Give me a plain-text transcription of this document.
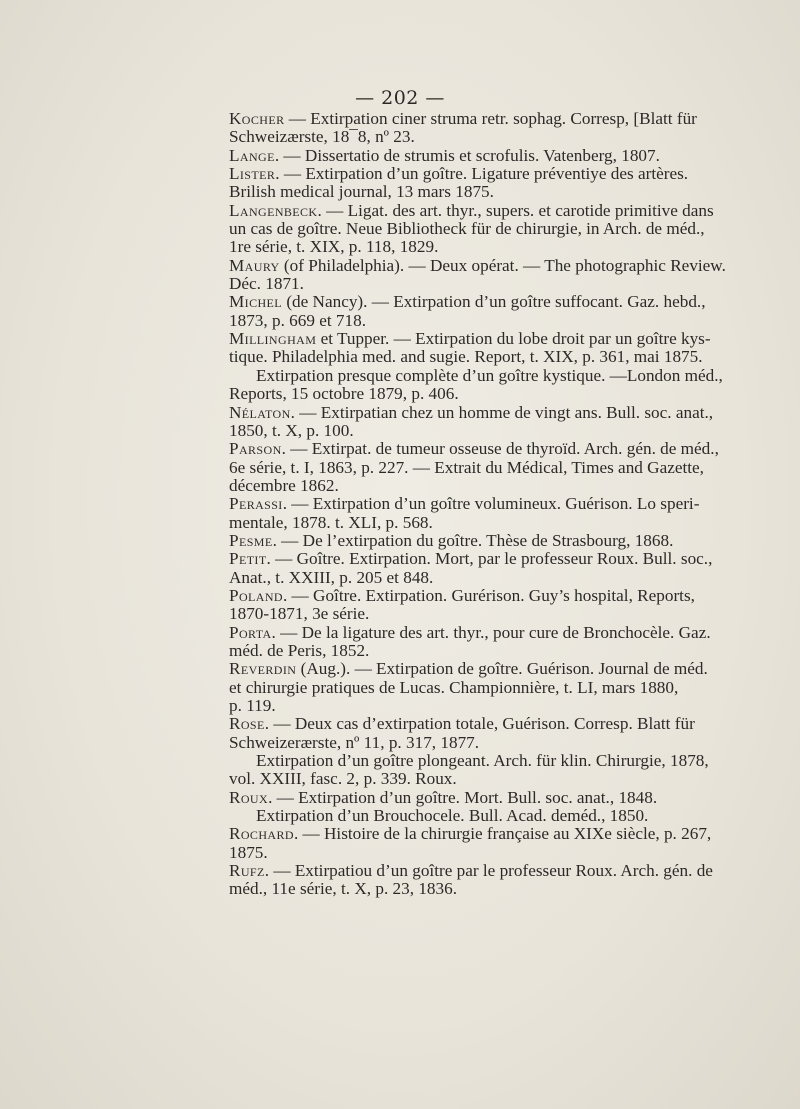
— 202 —
Kocher — Extirpation ciner struma retr. sophag. Corresp, [Blatt für
Schweizærste, 18¯8, nº 23.
Lange. — Dissertatio de strumis et scrofulis. Vatenberg, 1807.
Lister. — Extirpation d’un goître. Ligature préventiye des artères.
Brilish medical journal, 13 mars 1875.
Langenbeck. — Ligat. des art. thyr., supers. et carotide primitive dans
un cas de goître. Neue Bibliotheck für de chirurgie, in Arch. de méd.,
1re série, t. XIX, p. 118, 1829.
Maury (of Philadelphia). — Deux opérat. — The photographic Review.
Déc. 1871.
Michel (de Nancy). — Extirpation d’un goître suffocant. Gaz. hebd.,
1873, p. 669 et 718.
Millingham et Tupper. — Extirpation du lobe droit par un goître kys-
tique. Philadelphia med. and sugie. Report, t. XIX, p. 361, mai 1875.
Extirpation presque complète d’un goître kystique. —London méd.,
Reports, 15 octobre 1879, p. 406.
Nélaton. — Extirpatian chez un homme de vingt ans. Bull. soc. anat.,
1850, t. X, p. 100.
Parson. — Extirpat. de tumeur osseuse de thyroïd. Arch. gén. de méd.,
6e série, t. I, 1863, p. 227. — Extrait du Médical, Times and Gazette,
décembre 1862.
Perassi. — Extirpation d’un goître volumineux. Guérison. Lo speri-
mentale, 1878. t. XLI, p. 568.
Pesme. — De l’extirpation du goître. Thèse de Strasbourg, 1868.
Petit. — Goître. Extirpation. Mort, par le professeur Roux. Bull. soc.,
Anat., t. XXIII, p. 205 et 848.
Poland. — Goître. Extirpation. Gurérison. Guy’s hospital, Reports,
1870-1871, 3e série.
Porta. — De la ligature des art. thyr., pour cure de Bronchocèle. Gaz.
méd. de Peris, 1852.
Reverdin (Aug.). — Extirpation de goître. Guérison. Journal de méd.
et chirurgie pratiques de Lucas. Championnière, t. LI, mars 1880,
p. 119.
Rose. — Deux cas d’extirpation totale, Guérison. Corresp. Blatt für
Schweizerærste, nº 11, p. 317, 1877.
Extirpation d’un goître plongeant. Arch. für klin. Chirurgie, 1878,
vol. XXIII, fasc. 2, p. 339. Roux.
Roux. — Extirpation d’un goître. Mort. Bull. soc. anat., 1848.
Extirpation d’un Brouchocele. Bull. Acad. deméd., 1850.
Rochard. — Histoire de la chirurgie française au XIXe siècle, p. 267,
1875.
Rufz. — Extirpatiou d’un goître par le professeur Roux. Arch. gén. de
méd., 11e série, t. X, p. 23, 1836.
